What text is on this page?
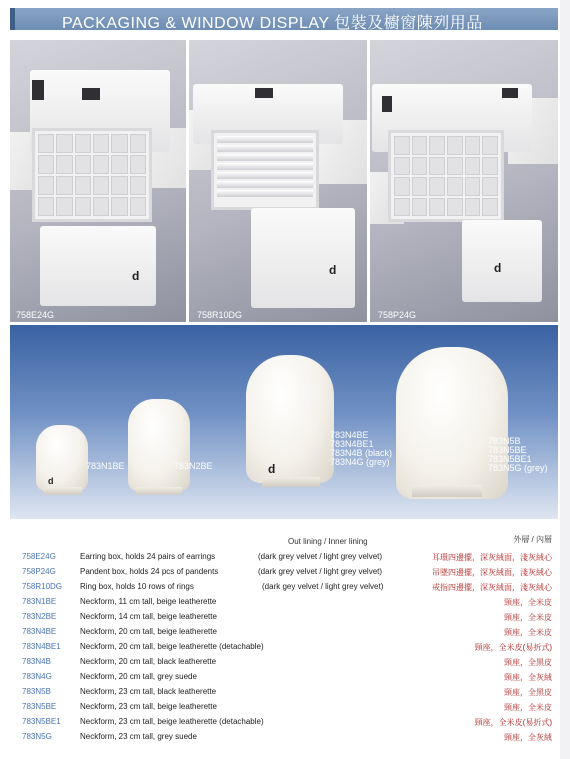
PACKAGING & WINDOW DISPLAY 包裝及櫥窗陳列用品
d
758E24G
d
758R10DG
d
758P24G
d
783N1BE	783N2BE	d
783N4BE
783N4BE1
783N4B (black)
783N4G (grey)
783N5B
783N5BE
783N5BE1
783N5G (grey)
Out lining / Inner lining	外層 / 內層
758E24G	Earring box, holds 24 pairs of earrings	(dark grey velvet / light grey velvet)	耳環四邊擺，深灰絨面，淺灰絨心
758P24G	Pandent box, holds 24 pcs of pandents	(dark grey velvet / light grey velvet)	吊墜四邊擺，深灰絨面，淺灰絨心
758R10DG Ring box, holds 10 rows of rings	(dark gey velvet / light grey velvet)	戒指四邊擺，深灰絨面，淺灰絨心
783N1BE	Neckform, 11 cm tall, beige leatherette	頸座，全米皮
783N2BE	Neckform, 14 cm tall, beige leatherette	頸座，全米皮
783N4BE	Neckform, 20 cm tall, beige leatherette	頸座，全米皮
783N4BE1 Neckform, 20 cm tall, beige leatherette (detachable)	頸座，全米皮(易折式)
783N4B	Neckform, 20 cm tall, black leatherette	頸座，全黑皮
783N4G	Neckform, 20 cm tall, grey suede	頸座，全灰絨
783N5B	Neckform, 23 cm tall, black leatherette	頸座，全黑皮
783N5BE	Neckform, 23 cm tall, beige leatherette	頸座，全米皮
783N5BE1 Neckform, 23 cm tall, beige leatherette (detachable)	頸座，全米皮(易折式)
783N5G	Neckform, 23 cm tall, grey suede	頸座，全灰絨
